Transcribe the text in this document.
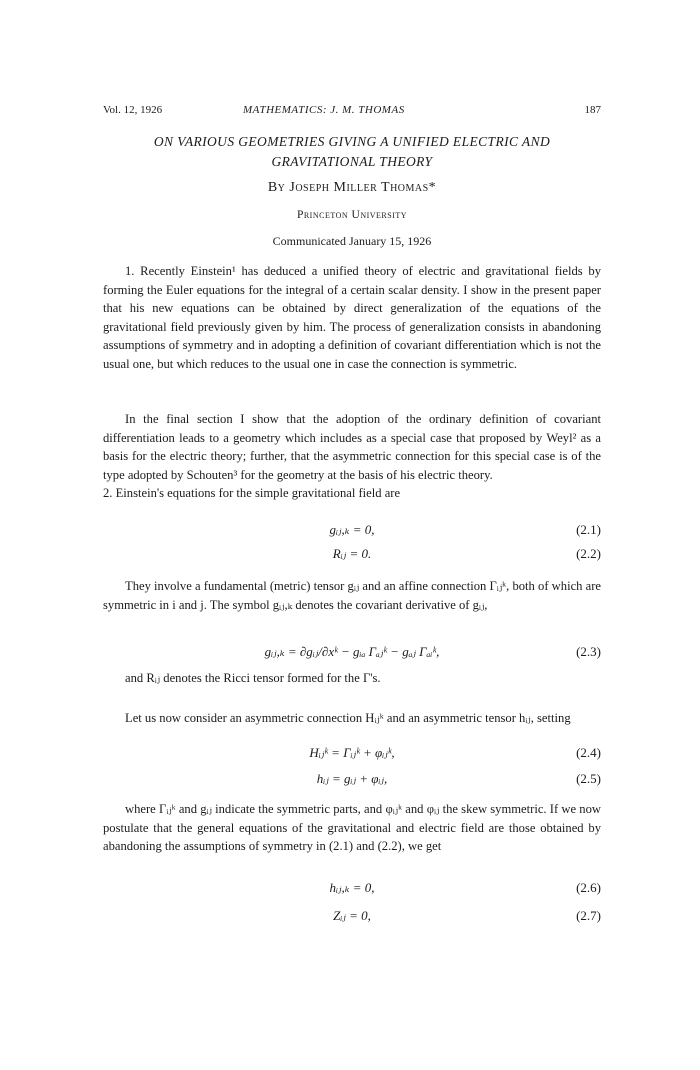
Vol. 12, 1926	MATHEMATICS: J. M. THOMAS	187
ON VARIOUS GEOMETRIES GIVING A UNIFIED ELECTRIC AND GRAVITATIONAL THEORY
By Joseph Miller Thomas*
Princeton University
Communicated January 15, 1926

1. Recently Einstein¹ has deduced a unified theory of electric and gravitational fields by forming the Euler equations for the integral of a certain scalar density. I show in the present paper that his new equations can be obtained by direct generalization of the equations of the gravitational field previously given by him. The process of generalization consists in abandoning assumptions of symmetry and in adopting a definition of covariant differentiation which is not the usual one, but which reduces to the usual one in case the connection is symmetric.

In the final section I show that the adoption of the ordinary definition of covariant differentiation leads to a geometry which includes as a special case that proposed by Weyl² as a basis for the electric theory; further, that the asymmetric connection for this special case is of the type adopted by Schouten³ for the geometry at the basis of his electric theory.
2. Einstein's equations for the simple gravitational field are

gᵢⱼ,ₖ = 0,	(2.1)
Rᵢⱼ = 0.	(2.2)

They involve a fundamental (metric) tensor gᵢⱼ and an affine connection Γᵢⱼᵏ, both of which are symmetric in i and j. The symbol gᵢⱼ,ₖ denotes the covariant derivative of gᵢⱼ,

gᵢⱼ,ₖ = ∂gᵢⱼ/∂xᵏ − gᵢₐ Γₐⱼᵏ − gₐⱼ Γₐᵢᵏ,	(2.3)

and Rᵢⱼ denotes the Ricci tensor formed for the Γ's.

Let us now consider an asymmetric connection Hᵢⱼᵏ and an asymmetric tensor hᵢⱼ, setting

Hᵢⱼᵏ = Γᵢⱼᵏ + φᵢⱼᵏ,	(2.4)
hᵢⱼ = gᵢⱼ + φᵢⱼ,	(2.5)

where Γᵢⱼᵏ and gᵢⱼ indicate the symmetric parts, and φᵢⱼᵏ and φᵢⱼ the skew symmetric. If we now postulate that the general equations of the gravitational and electric field are those obtained by abandoning the assumptions of symmetry in (2.1) and (2.2), we get

hᵢⱼ,ₖ = 0,	(2.6)
Zᵢⱼ = 0,	(2.7)
